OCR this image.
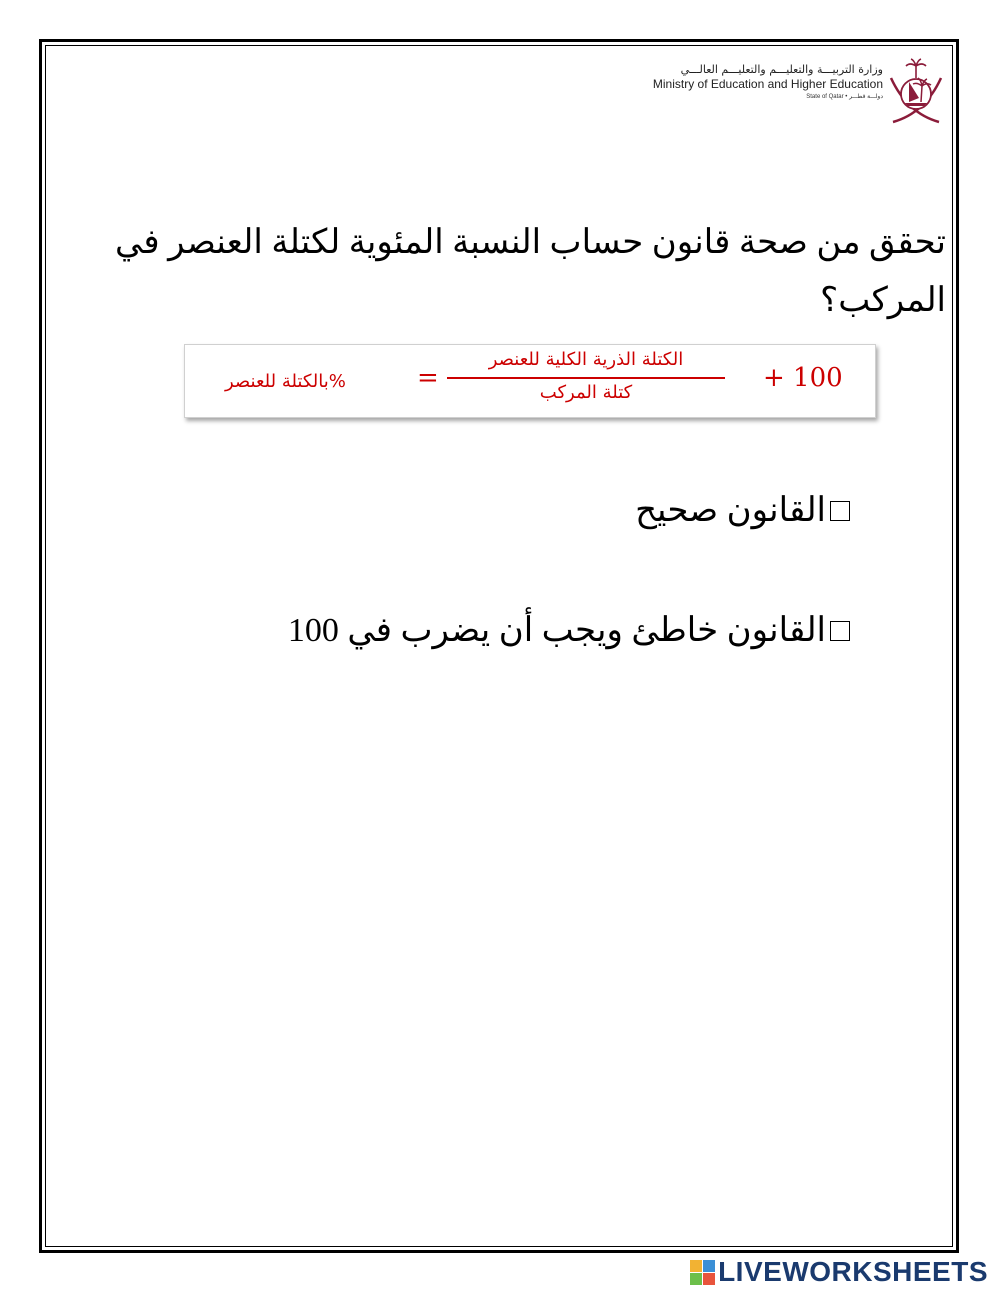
وزارة التربيـــة والتعليـــم والتعليـــم العالـــي
Ministry of Education and Higher Education
State of Qatar • دولـــة قطـــر
تحقق من صحة قانون حساب النسبة المئوية لكتلة العنصر في المركب؟
+ 100
الكتلة الذرية الكلية للعنصر
كتلة المركب
=
%بالكتلة للعنصر
القانون صحيح
القانون خاطئ ويجب أن يضرب في 100
LIVEWORKSHEETS
